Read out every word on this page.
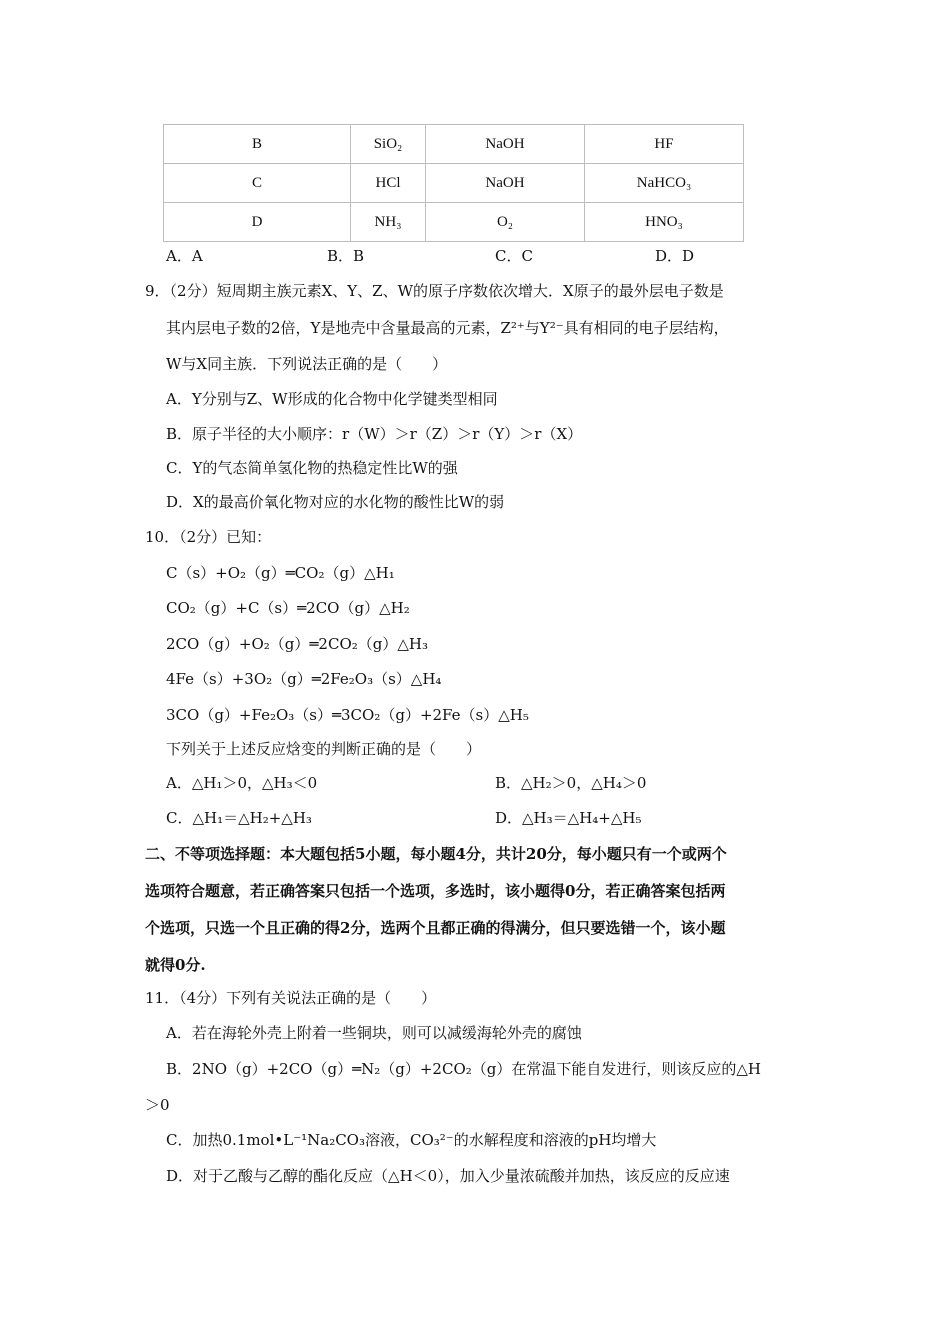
B	SiO₂	NaOH	HF
C	HCl	NaOH	NaHCO₃
D	NH₃	O₂	HNO₃
A．A	B．B	C．C	D．D
9．（2分）短周期主族元素X、Y、Z、W的原子序数依次增大．X原子的最外层电子数是
其内层电子数的2倍，Y是地壳中含量最高的元素，Z²⁺与Y²⁻具有相同的电子层结构，
W与X同主族．下列说法正确的是（　　）
A．Y分别与Z、W形成的化合物中化学键类型相同
B．原子半径的大小顺序：r（W）＞r（Z）＞r（Y）＞r（X）
C．Y的气态简单氢化物的热稳定性比W的强
D．X的最高价氧化物对应的水化物的酸性比W的弱
10．（2分）已知：
C（s）+O₂（g）═CO₂（g）△H₁
CO₂（g）+C（s）═2CO（g）△H₂
2CO（g）+O₂（g）═2CO₂（g）△H₃
4Fe（s）+3O₂（g）═2Fe₂O₃（s）△H₄
3CO（g）+Fe₂O₃（s）═3CO₂（g）+2Fe（s）△H₅
下列关于上述反应焓变的判断正确的是（　　）
A．△H₁＞0，△H₃＜0	B．△H₂＞0，△H₄＞0
C．△H₁＝△H₂+△H₃	D．△H₃＝△H₄+△H₅
二、不等项选择题：本大题包括5小题，每小题4分，共计20分，每小题只有一个或两个
选项符合题意，若正确答案只包括一个选项，多选时，该小题得0分，若正确答案包括两
个选项，只选一个且正确的得2分，选两个且都正确的得满分，但只要选错一个，该小题
就得0分.
11．（4分）下列有关说法正确的是（　　）
A．若在海轮外壳上附着一些铜块，则可以减缓海轮外壳的腐蚀
B．2NO（g）+2CO（g）═N₂（g）+2CO₂（g）在常温下能自发进行，则该反应的△H
＞0
C．加热0.1mol•L⁻¹Na₂CO₃溶液，CO₃²⁻的水解程度和溶液的pH均增大
D．对于乙酸与乙醇的酯化反应（△H＜0），加入少量浓硫酸并加热，该反应的反应速
